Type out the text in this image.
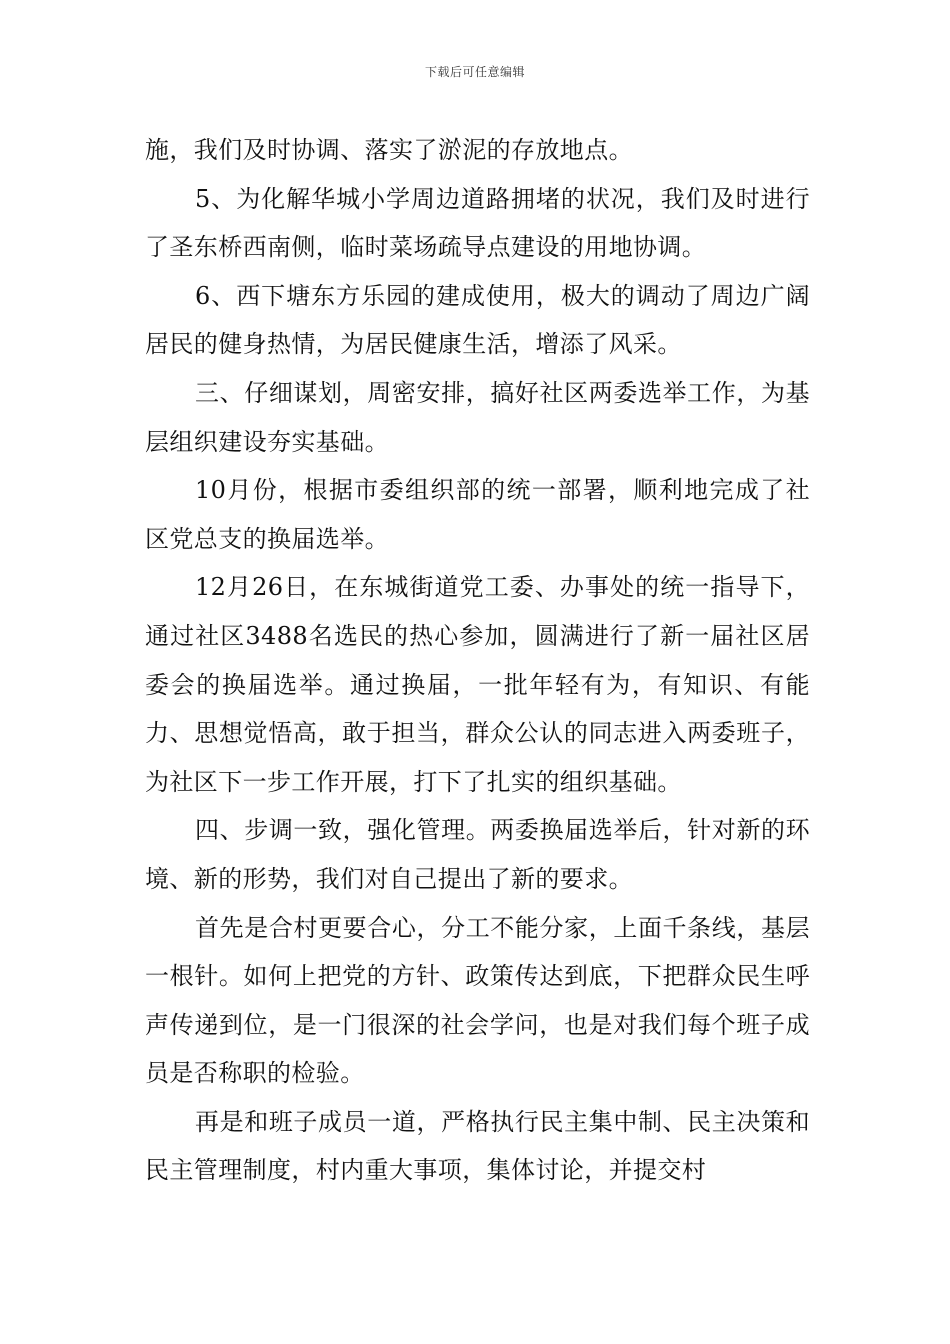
下载后可任意编辑

施，我们及时协调、落实了淤泥的存放地点。

5、为化解华城小学周边道路拥堵的状况，我们及时进行了圣东桥西南侧，临时菜场疏导点建设的用地协调。

6、西下塘东方乐园的建成使用，极大的调动了周边广阔居民的健身热情，为居民健康生活，增添了风采。

三、仔细谋划，周密安排，搞好社区两委选举工作，为基层组织建设夯实基础。

10月份，根据市委组织部的统一部署，顺利地完成了社区党总支的换届选举。

12月26日，在东城街道党工委、办事处的统一指导下，通过社区3488名选民的热心参加，圆满进行了新一届社区居委会的换届选举。通过换届，一批年轻有为，有知识、有能力、思想觉悟高，敢于担当，群众公认的同志进入两委班子，为社区下一步工作开展，打下了扎实的组织基础。

四、步调一致，强化管理。两委换届选举后，针对新的环境、新的形势，我们对自己提出了新的要求。

首先是合村更要合心，分工不能分家，上面千条线，基层一根针。如何上把党的方针、政策传达到底，下把群众民生呼声传递到位，是一门很深的社会学问，也是对我们每个班子成员是否称职的检验。

再是和班子成员一道，严格执行民主集中制、民主决策和民主管理制度，村内重大事项，集体讨论，并提交村
